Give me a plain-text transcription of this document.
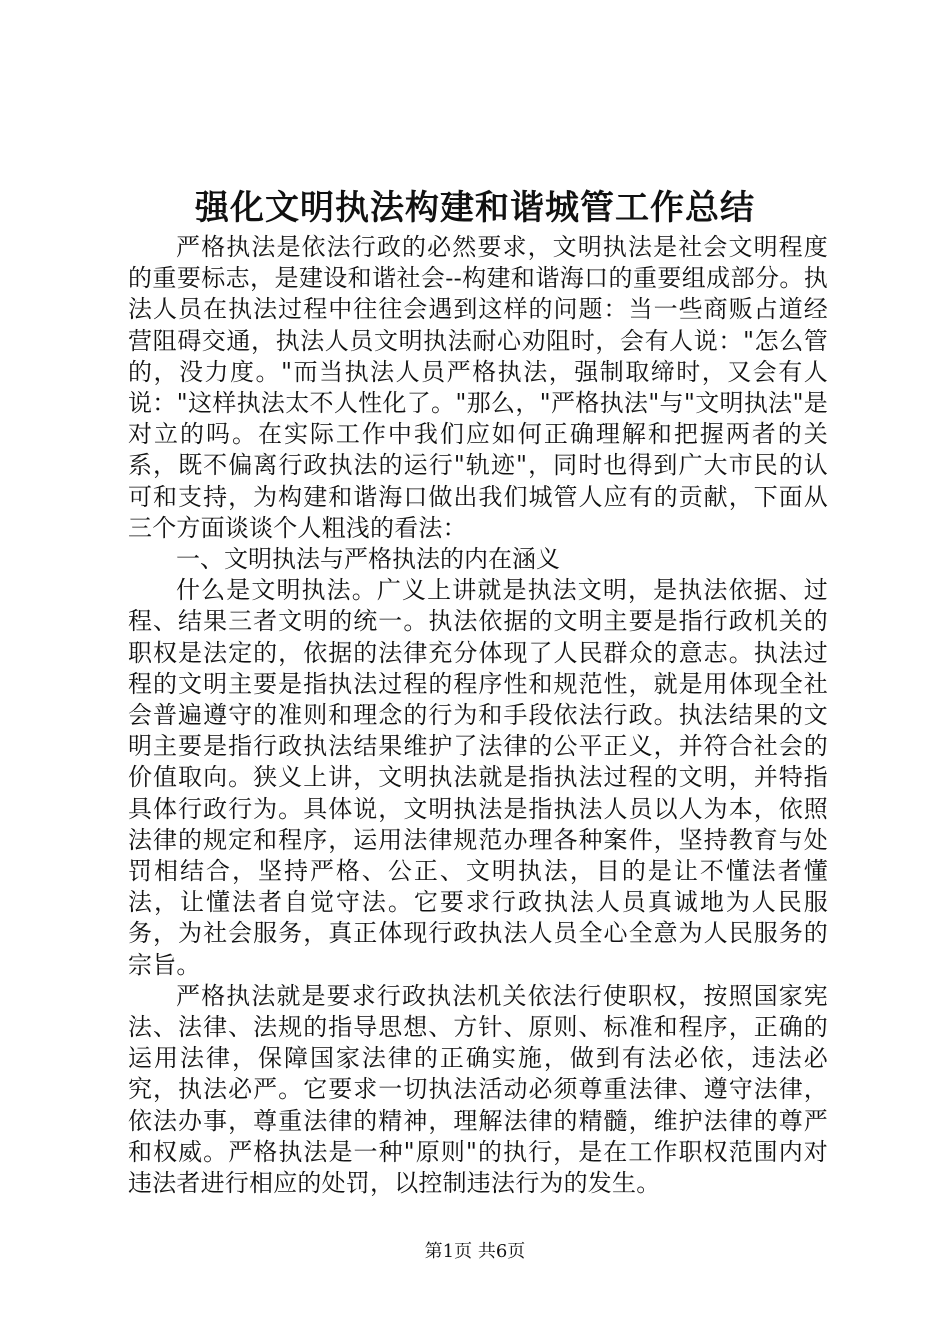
强化文明执法构建和谐城管工作总结

严格执法是依法行政的必然要求，文明执法是社会文明程度的重要标志，是建设和谐社会--构建和谐海口的重要组成部分。执法人员在执法过程中往往会遇到这样的问题：当一些商贩占道经营阻碍交通，执法人员文明执法耐心劝阻时，会有人说："怎么管的，没力度。"而当执法人员严格执法，强制取缔时，又会有人说："这样执法太不人性化了。"那么，"严格执法"与"文明执法"是对立的吗。在实际工作中我们应如何正确理解和把握两者的关系，既不偏离行政执法的运行"轨迹"，同时也得到广大市民的认可和支持，为构建和谐海口做出我们城管人应有的贡献，下面从三个方面谈谈个人粗浅的看法：

一、文明执法与严格执法的内在涵义

什么是文明执法。广义上讲就是执法文明，是执法依据、过程、结果三者文明的统一。执法依据的文明主要是指行政机关的职权是法定的，依据的法律充分体现了人民群众的意志。执法过程的文明主要是指执法过程的程序性和规范性，就是用体现全社会普遍遵守的准则和理念的行为和手段依法行政。执法结果的文明主要是指行政执法结果维护了法律的公平正义，并符合社会的价值取向。狭义上讲，文明执法就是指执法过程的文明，并特指具体行政行为。具体说，文明执法是指执法人员以人为本，依照法律的规定和程序，运用法律规范办理各种案件，坚持教育与处罚相结合，坚持严格、公正、文明执法，目的是让不懂法者懂法，让懂法者自觉守法。它要求行政执法人员真诚地为人民服务，为社会服务，真正体现行政执法人员全心全意为人民服务的宗旨。

严格执法就是要求行政执法机关依法行使职权，按照国家宪法、法律、法规的指导思想、方针、原则、标准和程序，正确的运用法律，保障国家法律的正确实施，做到有法必依，违法必究，执法必严。它要求一切执法活动必须尊重法律、遵守法律，依法办事，尊重法律的精神，理解法律的精髓，维护法律的尊严和权威。严格执法是一种"原则"的执行，是在工作职权范围内对违法者进行相应的处罚，以控制违法行为的发生。

第1页 共6页
